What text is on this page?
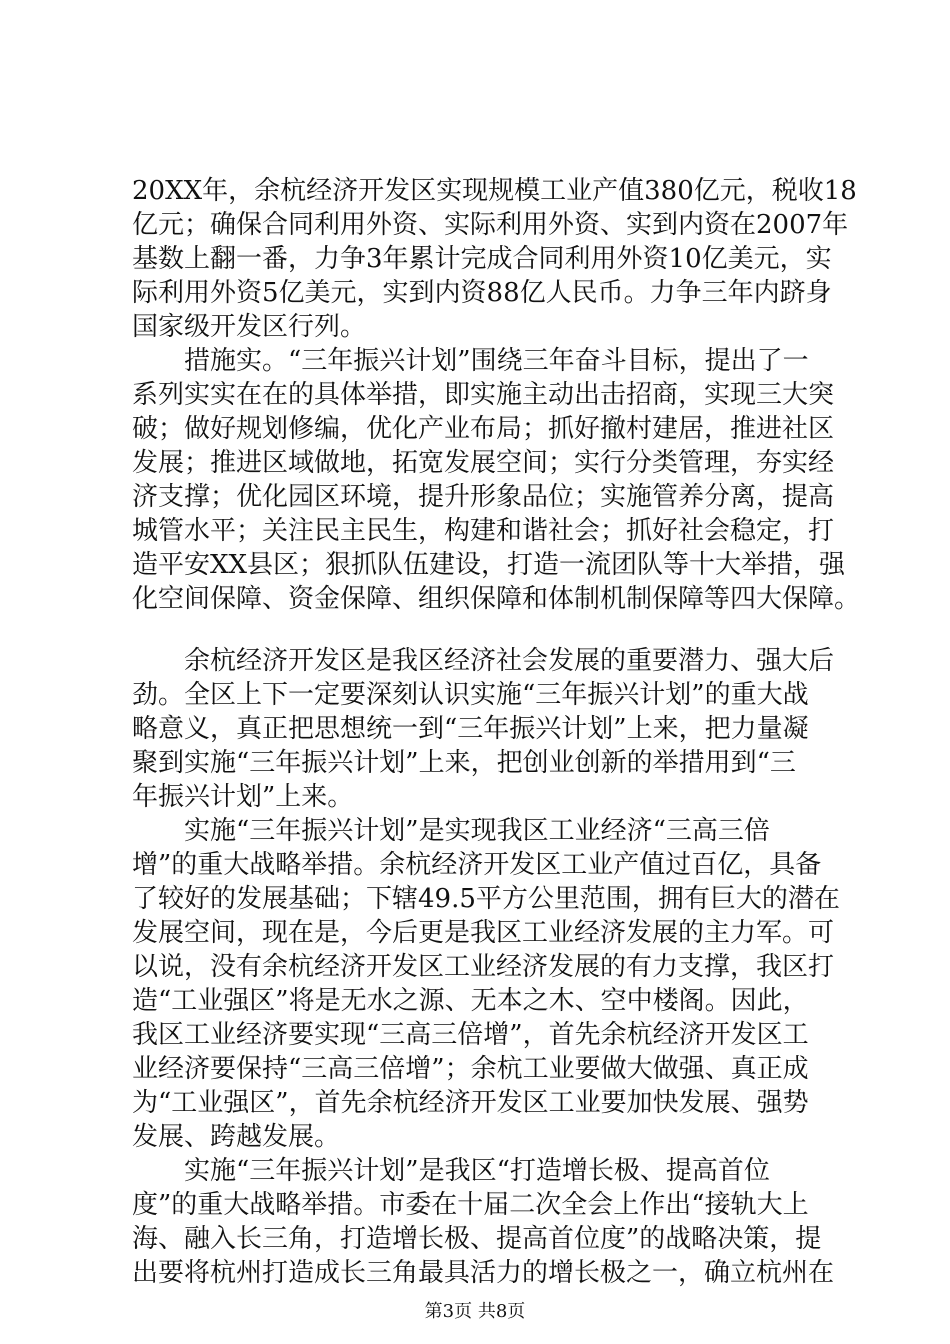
20XX年，余杭经济开发区实现规模工业产值380亿元，税收18
亿元；确保合同利用外资、实际利用外资、实到内资在2007年
基数上翻一番，力争3年累计完成合同利用外资10亿美元，实
际利用外资5亿美元，实到内资88亿人民币。力争三年内跻身
国家级开发区行列。
措施实。“三年振兴计划”围绕三年奋斗目标，提出了一
系列实实在在的具体举措，即实施主动出击招商，实现三大突
破；做好规划修编，优化产业布局；抓好撤村建居，推进社区
发展；推进区域做地，拓宽发展空间；实行分类管理，夯实经
济支撑；优化园区环境，提升形象品位；实施管养分离，提高
城管水平；关注民主民生，构建和谐社会；抓好社会稳定，打
造平安XX县区；狠抓队伍建设，打造一流团队等十大举措，强
化空间保障、资金保障、组织保障和体制机制保障等四大保障。
余杭经济开发区是我区经济社会发展的重要潜力、强大后
劲。全区上下一定要深刻认识实施“三年振兴计划”的重大战
略意义，真正把思想统一到“三年振兴计划”上来，把力量凝
聚到实施“三年振兴计划”上来，把创业创新的举措用到“三
年振兴计划”上来。
实施“三年振兴计划”是实现我区工业经济“三高三倍
增”的重大战略举措。余杭经济开发区工业产值过百亿，具备
了较好的发展基础；下辖49.5平方公里范围，拥有巨大的潜在
发展空间，现在是，今后更是我区工业经济发展的主力军。可
以说，没有余杭经济开发区工业经济发展的有力支撑，我区打
造“工业强区”将是无水之源、无本之木、空中楼阁。因此，
我区工业经济要实现“三高三倍增”，首先余杭经济开发区工
业经济要保持“三高三倍增”；余杭工业要做大做强、真正成
为“工业强区”，首先余杭经济开发区工业要加快发展、强势
发展、跨越发展。
实施“三年振兴计划”是我区“打造增长极、提高首位
度”的重大战略举措。市委在十届二次全会上作出“接轨大上
海、融入长三角，打造增长极、提高首位度”的战略决策，提
出要将杭州打造成长三角最具活力的增长极之一，确立杭州在
第3页 共8页
